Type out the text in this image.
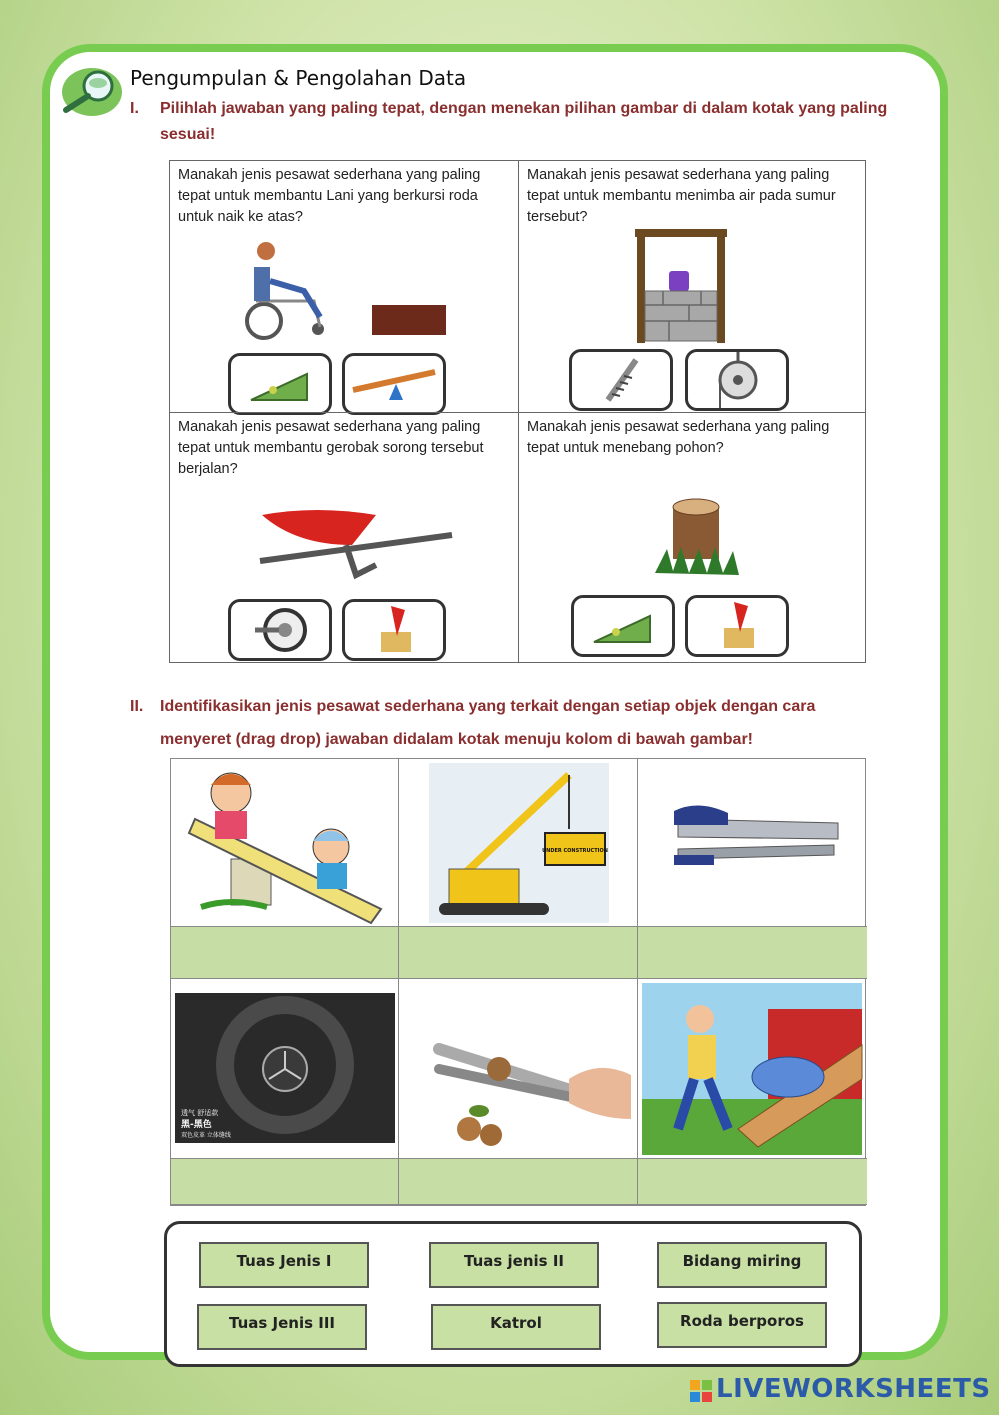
Pengumpulan & Pengolahan Data
I. Pilihlah jawaban yang paling tepat, dengan menekan pilihan gambar di dalam kotak yang paling sesuai!
Manakah jenis pesawat sederhana yang paling tepat untuk membantu Lani yang berkursi roda untuk naik ke atas?
Manakah jenis pesawat sederhana yang paling tepat untuk membantu menimba air pada sumur tersebut?
Manakah jenis pesawat sederhana yang paling tepat untuk membantu gerobak sorong tersebut berjalan?
Manakah jenis pesawat sederhana yang paling tepat untuk menebang pohon?
II. Identifikasikan jenis pesawat sederhana yang terkait dengan setiap objek dengan cara
menyeret (drag drop) jawaban didalam kotak menuju kolom di bawah gambar!
UNDER CONSTRUCTION
透气 舒适款
黑-黑色
双色皮革 立体缝线
Tuas Jenis I	Tuas jenis II	Bidang miring
Tuas Jenis III	Katrol	Roda berporos
LIVEWORKSHEETS
